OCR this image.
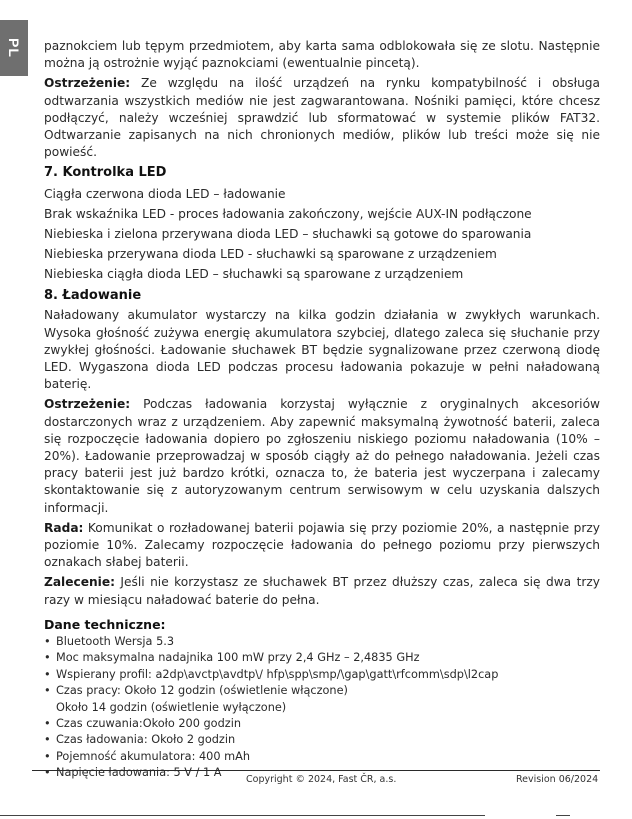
PL paznokciem lub tępym przedmiotem, aby karta sama odblokowała się ze slotu. Następnie można ją ostrożnie wyjąć paznokciami (ewentualnie pincetą).

Ostrzeżenie: Ze względu na ilość urządzeń na rynku kompatybilność i obsługa odtwarzania wszystkich mediów nie jest zagwarantowana. Nośniki pamięci, które chcesz podłączyć, należy wcześniej sprawdzić lub sformatować w systemie plików FAT32. Odtwarzanie zapisanych na nich chronionych mediów, plików lub treści może się nie powieść.

7. Kontrolka LED
Ciągła czerwona dioda LED – ładowanie
Brak wskaźnika LED - proces ładowania zakończony, wejście AUX-IN podłączone
Niebieska i zielona przerywana dioda LED – słuchawki są gotowe do sparowania
Niebieska przerywana dioda LED - słuchawki są sparowane z urządzeniem
Niebieska ciągła dioda LED – słuchawki są sparowane z urządzeniem
8. Ładowanie

Naładowany akumulator wystarczy na kilka godzin działania w zwykłych warunkach. Wysoka głośność zużywa energię akumulatora szybciej, dlatego zaleca się słuchanie przy zwykłej głośności. Ładowanie słuchawek BT będzie sygnalizowane przez czerwoną diodę LED. Wygaszona dioda LED podczas procesu ładowania pokazuje w pełni naładowaną baterię.

Ostrzeżenie: Podczas ładowania korzystaj wyłącznie z oryginalnych akcesoriów dostarczonych wraz z urządzeniem. Aby zapewnić maksymalną żywotność baterii, zaleca się rozpoczęcie ładowania dopiero po zgłoszeniu niskiego poziomu naładowania (10% – 20%). Ładowanie przeprowadzaj w sposób ciągły aż do pełnego naładowania. Jeżeli czas pracy baterii jest już bardzo krótki, oznacza to, że bateria jest wyczerpana i zalecamy skontaktowanie się z autoryzowanym centrum serwisowym w celu uzyskania dalszych informacji.

Rada: Komunikat o rozładowanej baterii pojawia się przy poziomie 20%, a następnie przy poziomie 10%. Zalecamy rozpoczęcie ładowania do pełnego poziomu przy pierwszych oznakach słabej baterii.

Zalecenie: Jeśli nie korzystasz ze słuchawek BT przez dłuższy czas, zaleca się dwa trzy razy w miesiącu naładować baterie do pełna.

Dane techniczne:
• Bluetooth Wersja 5.3
• Moc maksymalna nadajnika 100 mW przy 2,4 GHz – 2,4835 GHz
• Wspierany profil: a2dp\avctp\avdtp\/ hfp\spp\smp/\gap\gatt\rfcomm\sdp\l2cap
• Czas pracy: Około 12 godzin (oświetlenie włączone)
Około 14 godzin (oświetlenie wyłączone)
• Czas czuwania:Około 200 godzin
• Czas ładowania: Około 2 godzin
• Pojemność akumulatora: 400 mAh
• Napięcie ładowania: 5 V / 1 A
Copyright © 2024, Fast ČR, a.s.	Revision 06/2024
